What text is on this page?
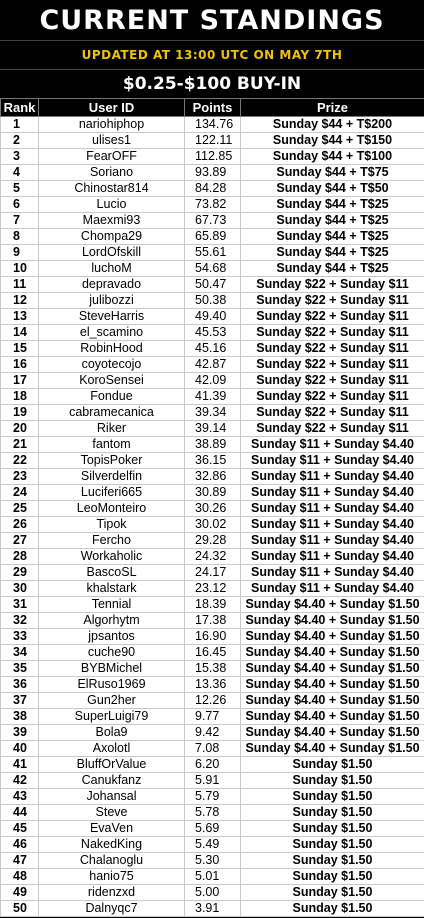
CURRENT STANDINGS
UPDATED AT 13:00 UTC ON MAY 7TH
$0.25-$100 BUY-IN
Rank	User ID	Points	Prize
1	nariohiphop	134.76	Sunday $44 + T$200
2	ulises1	122.11	Sunday $44 + T$150
3	FearOFF	112.85	Sunday $44 + T$100
4	Soriano	93.89	Sunday $44 + T$75
5	Chinostar814	84.28	Sunday $44 + T$50
6	Lucio	73.82	Sunday $44 + T$25
7	Maexmi93	67.73	Sunday $44 + T$25
8	Chompa29	65.89	Sunday $44 + T$25
9	LordOfskill	55.61	Sunday $44 + T$25
10	luchoM	54.68	Sunday $44 + T$25
11	depravado	50.47	Sunday $22 + Sunday $11
12	julibozzi	50.38	Sunday $22 + Sunday $11
13	SteveHarris	49.40	Sunday $22 + Sunday $11
14	el_scamino	45.53	Sunday $22 + Sunday $11
15	RobinHood	45.16	Sunday $22 + Sunday $11
16	coyotecojo	42.87	Sunday $22 + Sunday $11
17	KoroSensei	42.09	Sunday $22 + Sunday $11
18	Fondue	41.39	Sunday $22 + Sunday $11
19	cabramecanica	39.34	Sunday $22 + Sunday $11
20	Riker	39.14	Sunday $22 + Sunday $11
21	fantom	38.89	Sunday $11 + Sunday $4.40
22	TopisPoker	36.15	Sunday $11 + Sunday $4.40
23	Silverdelfin	32.86	Sunday $11 + Sunday $4.40
24	Luciferi665	30.89	Sunday $11 + Sunday $4.40
25	LeoMonteiro	30.26	Sunday $11 + Sunday $4.40
26	Tipok	30.02	Sunday $11 + Sunday $4.40
27	Fercho	29.28	Sunday $11 + Sunday $4.40
28	Workaholic	24.32	Sunday $11 + Sunday $4.40
29	BascoSL	24.17	Sunday $11 + Sunday $4.40
30	khalstark	23.12	Sunday $11 + Sunday $4.40
31	Tennial	18.39	Sunday $4.40 + Sunday $1.50
32	Algorhytm	17.38	Sunday $4.40 + Sunday $1.50
33	jpsantos	16.90	Sunday $4.40 + Sunday $1.50
34	cuche90	16.45	Sunday $4.40 + Sunday $1.50
35	BYBMichel	15.38	Sunday $4.40 + Sunday $1.50
36	ElRuso1969	13.36	Sunday $4.40 + Sunday $1.50
37	Gun2her	12.26	Sunday $4.40 + Sunday $1.50
38	SuperLuigi79	9.77	Sunday $4.40 + Sunday $1.50
39	Bola9	9.42	Sunday $4.40 + Sunday $1.50
40	Axolotl	7.08	Sunday $4.40 + Sunday $1.50
41	BluffOrValue	6.20	Sunday $1.50
42	Canukfanz	5.91	Sunday $1.50
43	Johansal	5.79	Sunday $1.50
44	Steve	5.78	Sunday $1.50
45	EvaVen	5.69	Sunday $1.50
46	NakedKing	5.49	Sunday $1.50
47	Chalanoglu	5.30	Sunday $1.50
48	hanio75	5.01	Sunday $1.50
49	ridenzxd	5.00	Sunday $1.50
50	Dalnyqc7	3.91	Sunday $1.50
